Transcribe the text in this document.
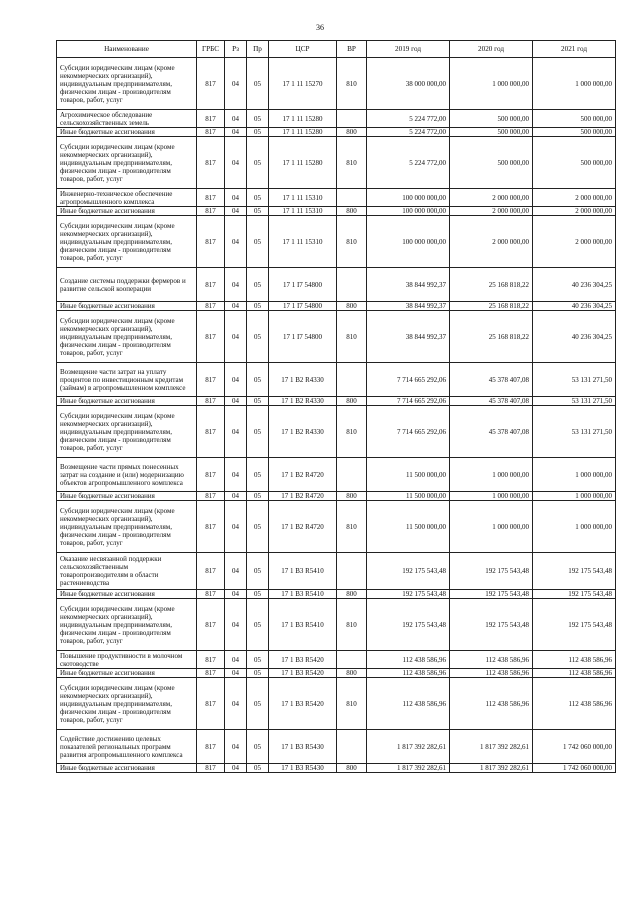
36
Наименование	ГРБС	Рз	Пр	ЦСР	ВР	2019 год	2020 год	2021 год
Субсидии юридическим лицам (кроме некоммерческих организаций), индивидуальным предпринимателям, физическим лицам - производителям товаров, работ, услуг	817	04	05	17 1 11 15270	810	38 000 000,00	1 000 000,00	1 000 000,00
Агрохимическое обследование сельскохозяйственных земель	817	04	05	17 1 11 15280		5 224 772,00	500 000,00	500 000,00
Иные бюджетные ассигнования	817	04	05	17 1 11 15280	800	5 224 772,00	500 000,00	500 000,00
Субсидии юридическим лицам (кроме некоммерческих организаций), индивидуальным предпринимателям, физическим лицам - производителям товаров, работ, услуг	817	04	05	17 1 11 15280	810	5 224 772,00	500 000,00	500 000,00
Инженерно-техническое обеспечение агропромышленного комплекса	817	04	05	17 1 11 15310		100 000 000,00	2 000 000,00	2 000 000,00
Иные бюджетные ассигнования	817	04	05	17 1 11 15310	800	100 000 000,00	2 000 000,00	2 000 000,00
Субсидии юридическим лицам (кроме некоммерческих организаций), индивидуальным предпринимателям, физическим лицам - производителям товаров, работ, услуг	817	04	05	17 1 11 15310	810	100 000 000,00	2 000 000,00	2 000 000,00
Создание системы поддержки фермеров и развитие сельской кооперации	817	04	05	17 1 I7 54800		38 844 992,37	25 168 818,22	40 236 304,25
Иные бюджетные ассигнования	817	04	05	17 1 I7 54800	800	38 844 992,37	25 168 818,22	40 236 304,25
Субсидии юридическим лицам (кроме некоммерческих организаций), индивидуальным предпринимателям, физическим лицам - производителям товаров, работ, услуг	817	04	05	17 1 I7 54800	810	38 844 992,37	25 168 818,22	40 236 304,25
Возмещение части затрат на уплату процентов по инвестиционным кредитам (займам) в агропромышленном комплексе	817	04	05	17 1 B2 R4330		7 714 665 292,06	45 378 407,08	53 131 271,50
Иные бюджетные ассигнования	817	04	05	17 1 B2 R4330	800	7 714 665 292,06	45 378 407,08	53 131 271,50
Субсидии юридическим лицам (кроме некоммерческих организаций), индивидуальным предпринимателям, физическим лицам - производителям товаров, работ, услуг	817	04	05	17 1 B2 R4330	810	7 714 665 292,06	45 378 407,08	53 131 271,50
Возмещение части прямых понесенных затрат на создание и (или) модернизацию объектов агропромышленного комплекса	817	04	05	17 1 B2 R4720		11 500 000,00	1 000 000,00	1 000 000,00
Иные бюджетные ассигнования	817	04	05	17 1 B2 R4720	800	11 500 000,00	1 000 000,00	1 000 000,00
Субсидии юридическим лицам (кроме некоммерческих организаций), индивидуальным предпринимателям, физическим лицам - производителям товаров, работ, услуг	817	04	05	17 1 B2 R4720	810	11 500 000,00	1 000 000,00	1 000 000,00
Оказание несвязанной поддержки сельскохозяйственным товаропроизводителям в области растениеводства	817	04	05	17 1 B3 R5410		192 175 543,48	192 175 543,48	192 175 543,48
Иные бюджетные ассигнования	817	04	05	17 1 B3 R5410	800	192 175 543,48	192 175 543,48	192 175 543,48
Субсидии юридическим лицам (кроме некоммерческих организаций), индивидуальным предпринимателям, физическим лицам - производителям товаров, работ, услуг	817	04	05	17 1 B3 R5410	810	192 175 543,48	192 175 543,48	192 175 543,48
Повышение продуктивности в молочном скотоводстве	817	04	05	17 1 B3 R5420		112 438 586,96	112 438 586,96	112 438 586,96
Иные бюджетные ассигнования	817	04	05	17 1 B3 R5420	800	112 438 586,96	112 438 586,96	112 438 586,96
Субсидии юридическим лицам (кроме некоммерческих организаций), индивидуальным предпринимателям, физическим лицам - производителям товаров, работ, услуг	817	04	05	17 1 B3 R5420	810	112 438 586,96	112 438 586,96	112 438 586,96
Содействие достижению целевых показателей региональных программ развития агропромышленного комплекса	817	04	05	17 1 B3 R5430		1 817 392 282,61	1 817 392 282,61	1 742 060 000,00
Иные бюджетные ассигнования	817	04	05	17 1 B3 R5430	800	1 817 392 282,61	1 817 392 282,61	1 742 060 000,00
